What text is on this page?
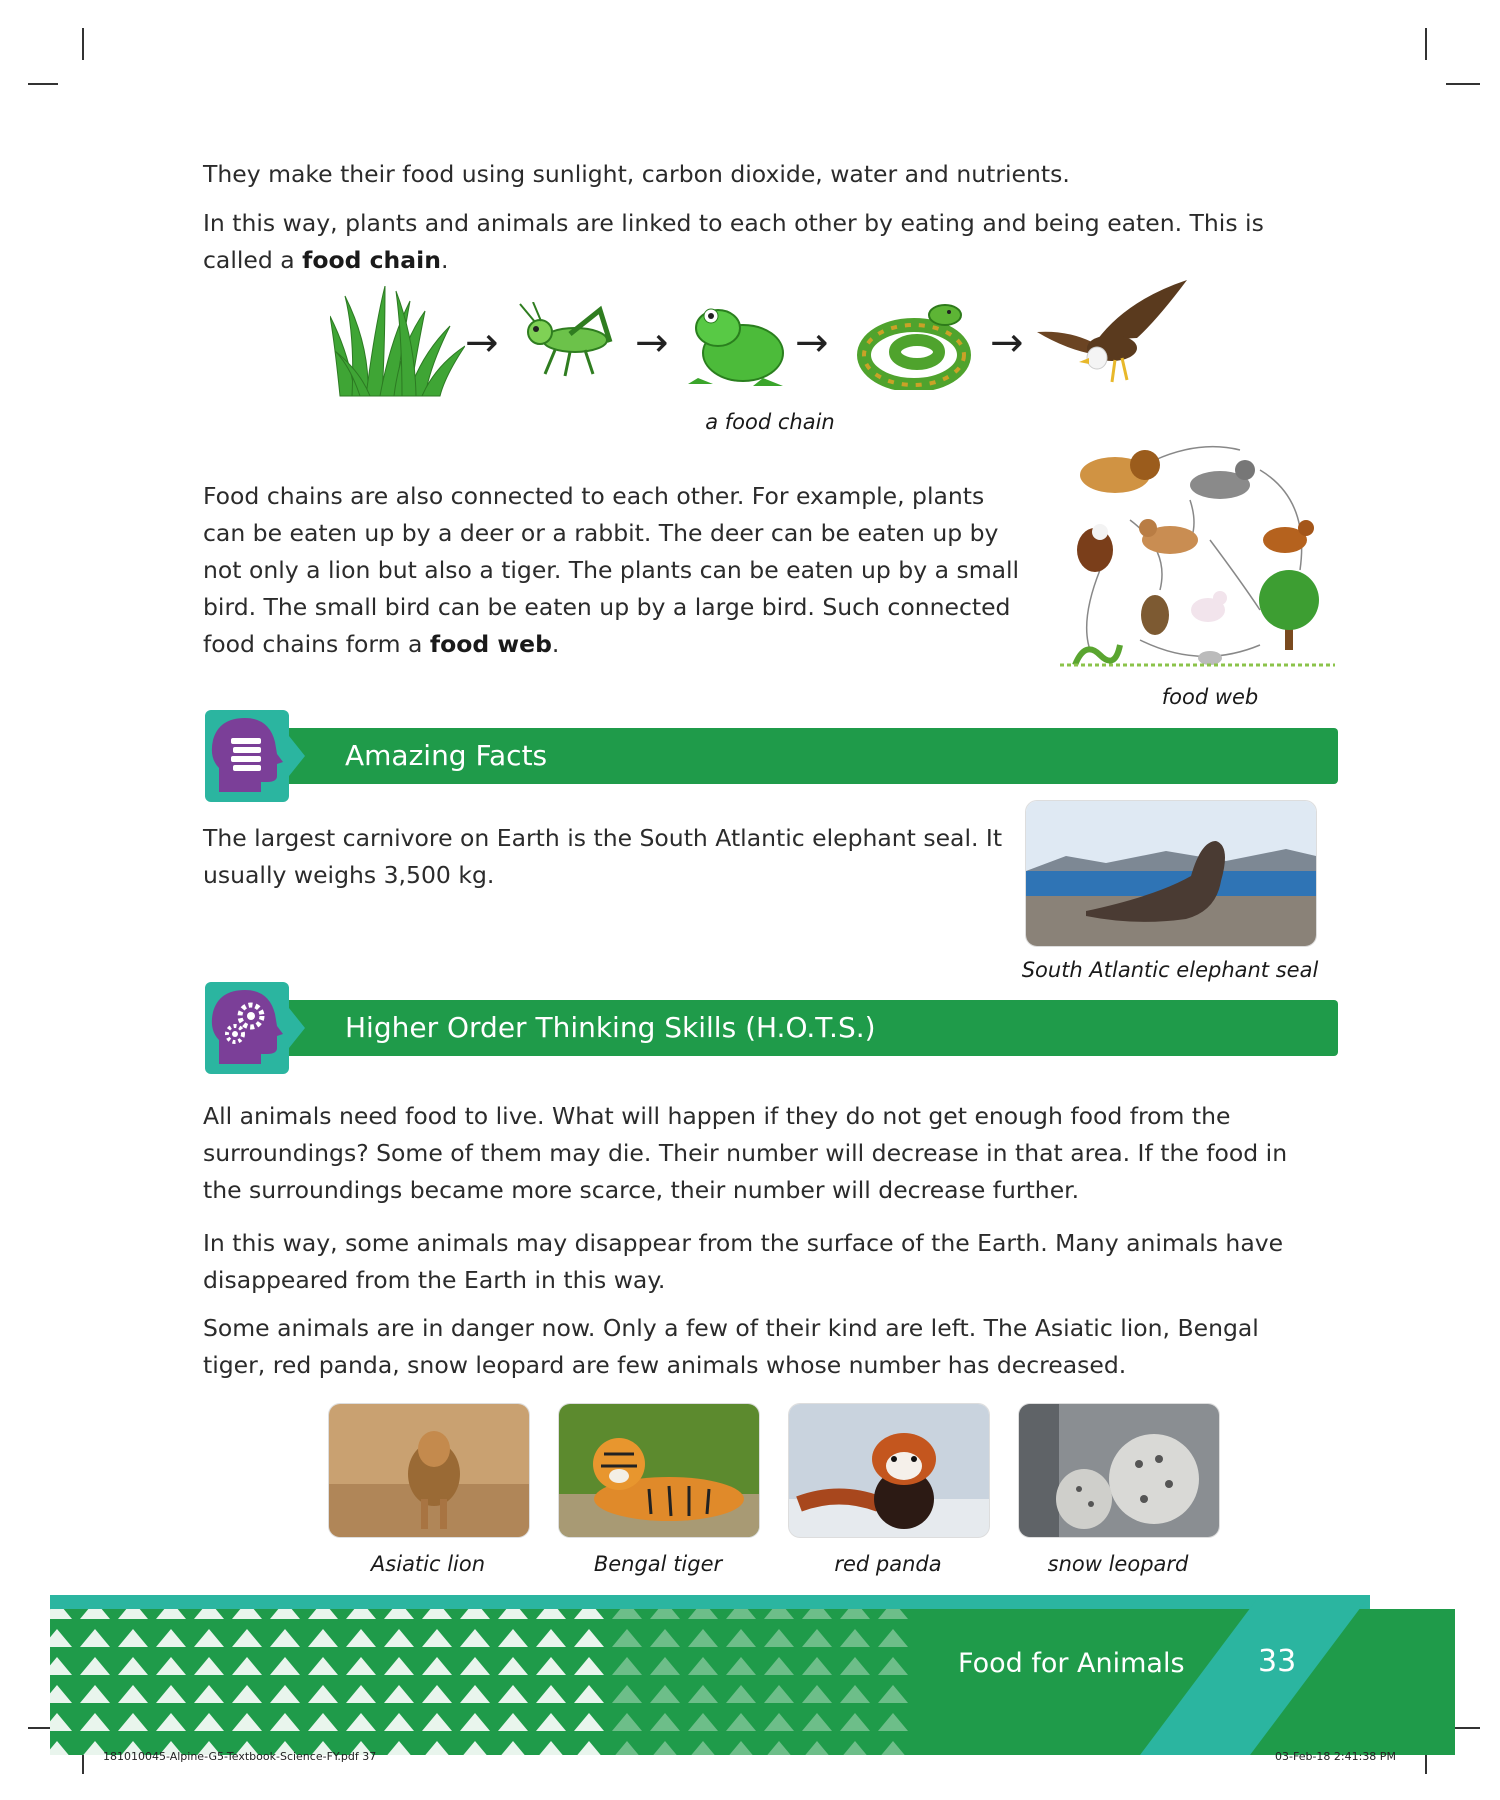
They make their food using sunlight, carbon dioxide, water and nutrients.

In this way, plants and animals are linked to each other by eating and being eaten. This is called a food chain.

→	→	→	→
a food chain

Food chains are also connected to each other. For example, plants can be eaten up by a deer or a rabbit. The deer can be eaten up by not only a lion but also a tiger. The plants can be eaten up by a small bird. The small bird can be eaten up by a large bird. Such connected food chains form a food web.

food web
Amazing Facts

The largest carnivore on Earth is the South Atlantic elephant seal. It usually weighs 3,500 kg.

South Atlantic elephant seal
Higher Order Thinking Skills (H.O.T.S.)

All animals need food to live. What will happen if they do not get enough food from the surroundings? Some of them may die. Their number will decrease in that area. If the food in the surroundings became more scarce, their number will decrease further.

In this way, some animals may disappear from the surface of the Earth. Many animals have disappeared from the Earth in this way.

Some animals are in danger now. Only a few of their kind are left. The Asiatic lion, Bengal tiger, red panda, snow leopard are few animals whose number has decreased.

Asiatic lion	Bengal tiger	red panda	snow leopard
Food for Animals 33
181010045-Alpine-G5-Textbook-Science-FY.pdf 37	03-Feb-18 2:41:38 PM
